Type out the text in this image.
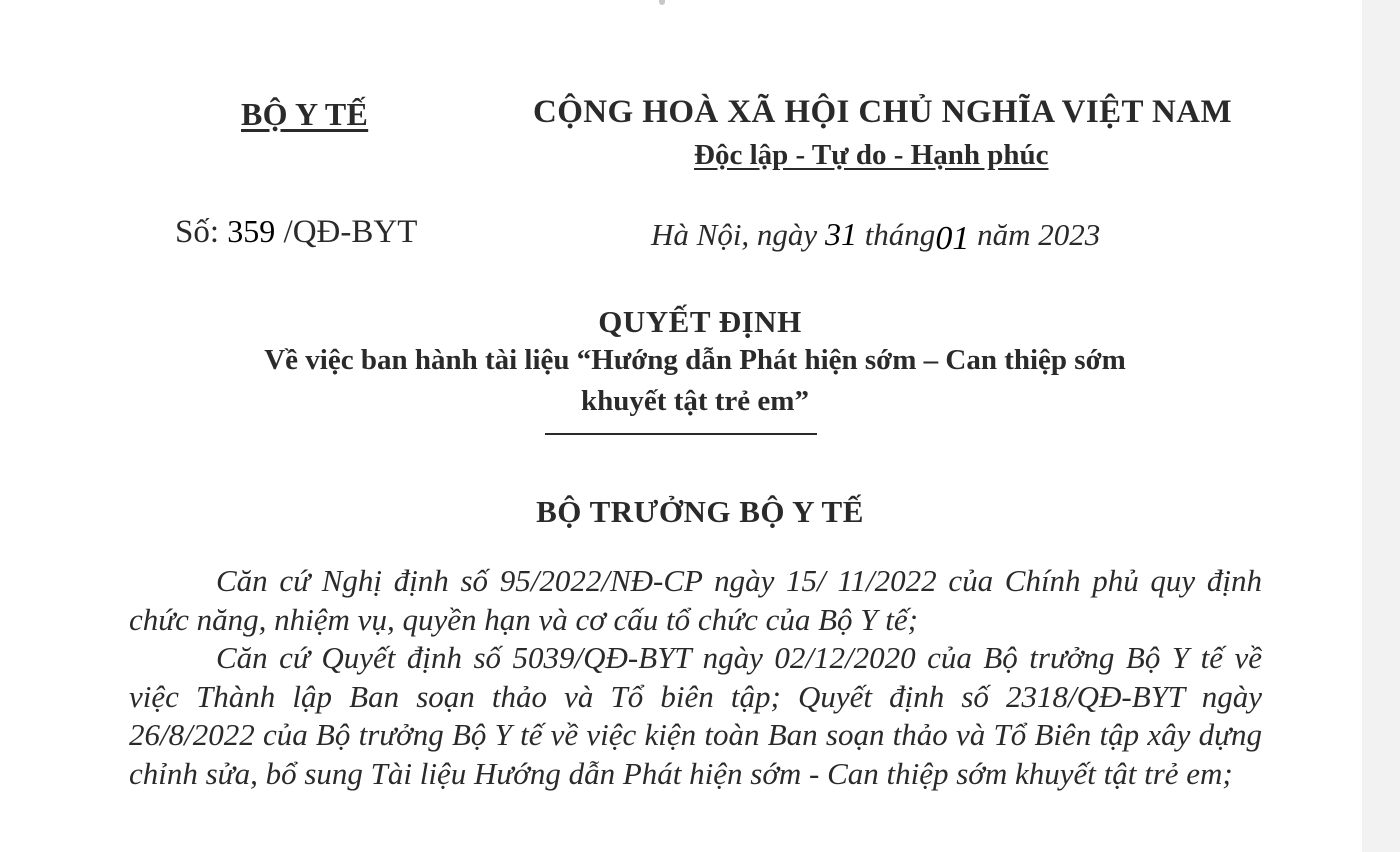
BỘ Y TẾ	CỘNG HOÀ XÃ HỘI CHỦ NGHĨA VIỆT NAM
Độc lập - Tự do - Hạnh phúc
Số: 359 /QĐ-BYT	Hà Nội, ngày 31 tháng01 năm 2023
QUYẾT ĐỊNH
Về việc ban hành tài liệu “Hướng dẫn Phát hiện sớm – Can thiệp sớm
khuyết tật trẻ em”
BỘ TRƯỞNG BỘ Y TẾ

Căn cứ Nghị định số 95/2022/NĐ-CP ngày 15/ 11/2022 của Chính phủ quy định chức năng, nhiệm vụ, quyền hạn và cơ cấu tổ chức của Bộ Y tế;

Căn cứ Quyết định số 5039/QĐ-BYT ngày 02/12/2020 của Bộ trưởng Bộ Y tế về việc Thành lập Ban soạn thảo và Tổ biên tập; Quyết định số 2318/QĐ-BYT ngày 26/8/2022 của Bộ trưởng Bộ Y tế về việc kiện toàn Ban soạn thảo và Tổ Biên tập xây dựng chỉnh sửa, bổ sung Tài liệu Hướng dẫn Phát hiện sớm - Can thiệp sớm khuyết tật trẻ em;
